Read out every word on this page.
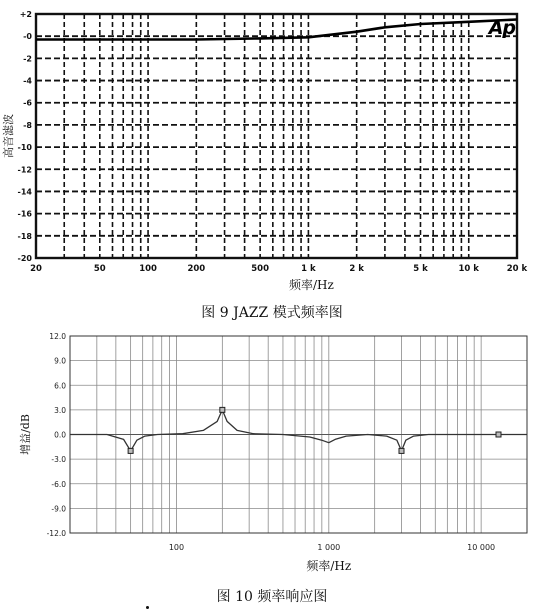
+2
-0
-2
-4
-6
-8
-10
-12
-14
-16
-18
-20
20	50	100	200	500	1 k	2 k	5 k	10 k	20 k
频率/Hz
高音滤波
Ap
12.0
9.0
6.0
3.0
0.0
-3.0
-6.0
-9.0
-12.0
100	1 000	10 000
频率/Hz
增益/dB
图 9 JAZZ 模式频率图
图 10 频率响应图
